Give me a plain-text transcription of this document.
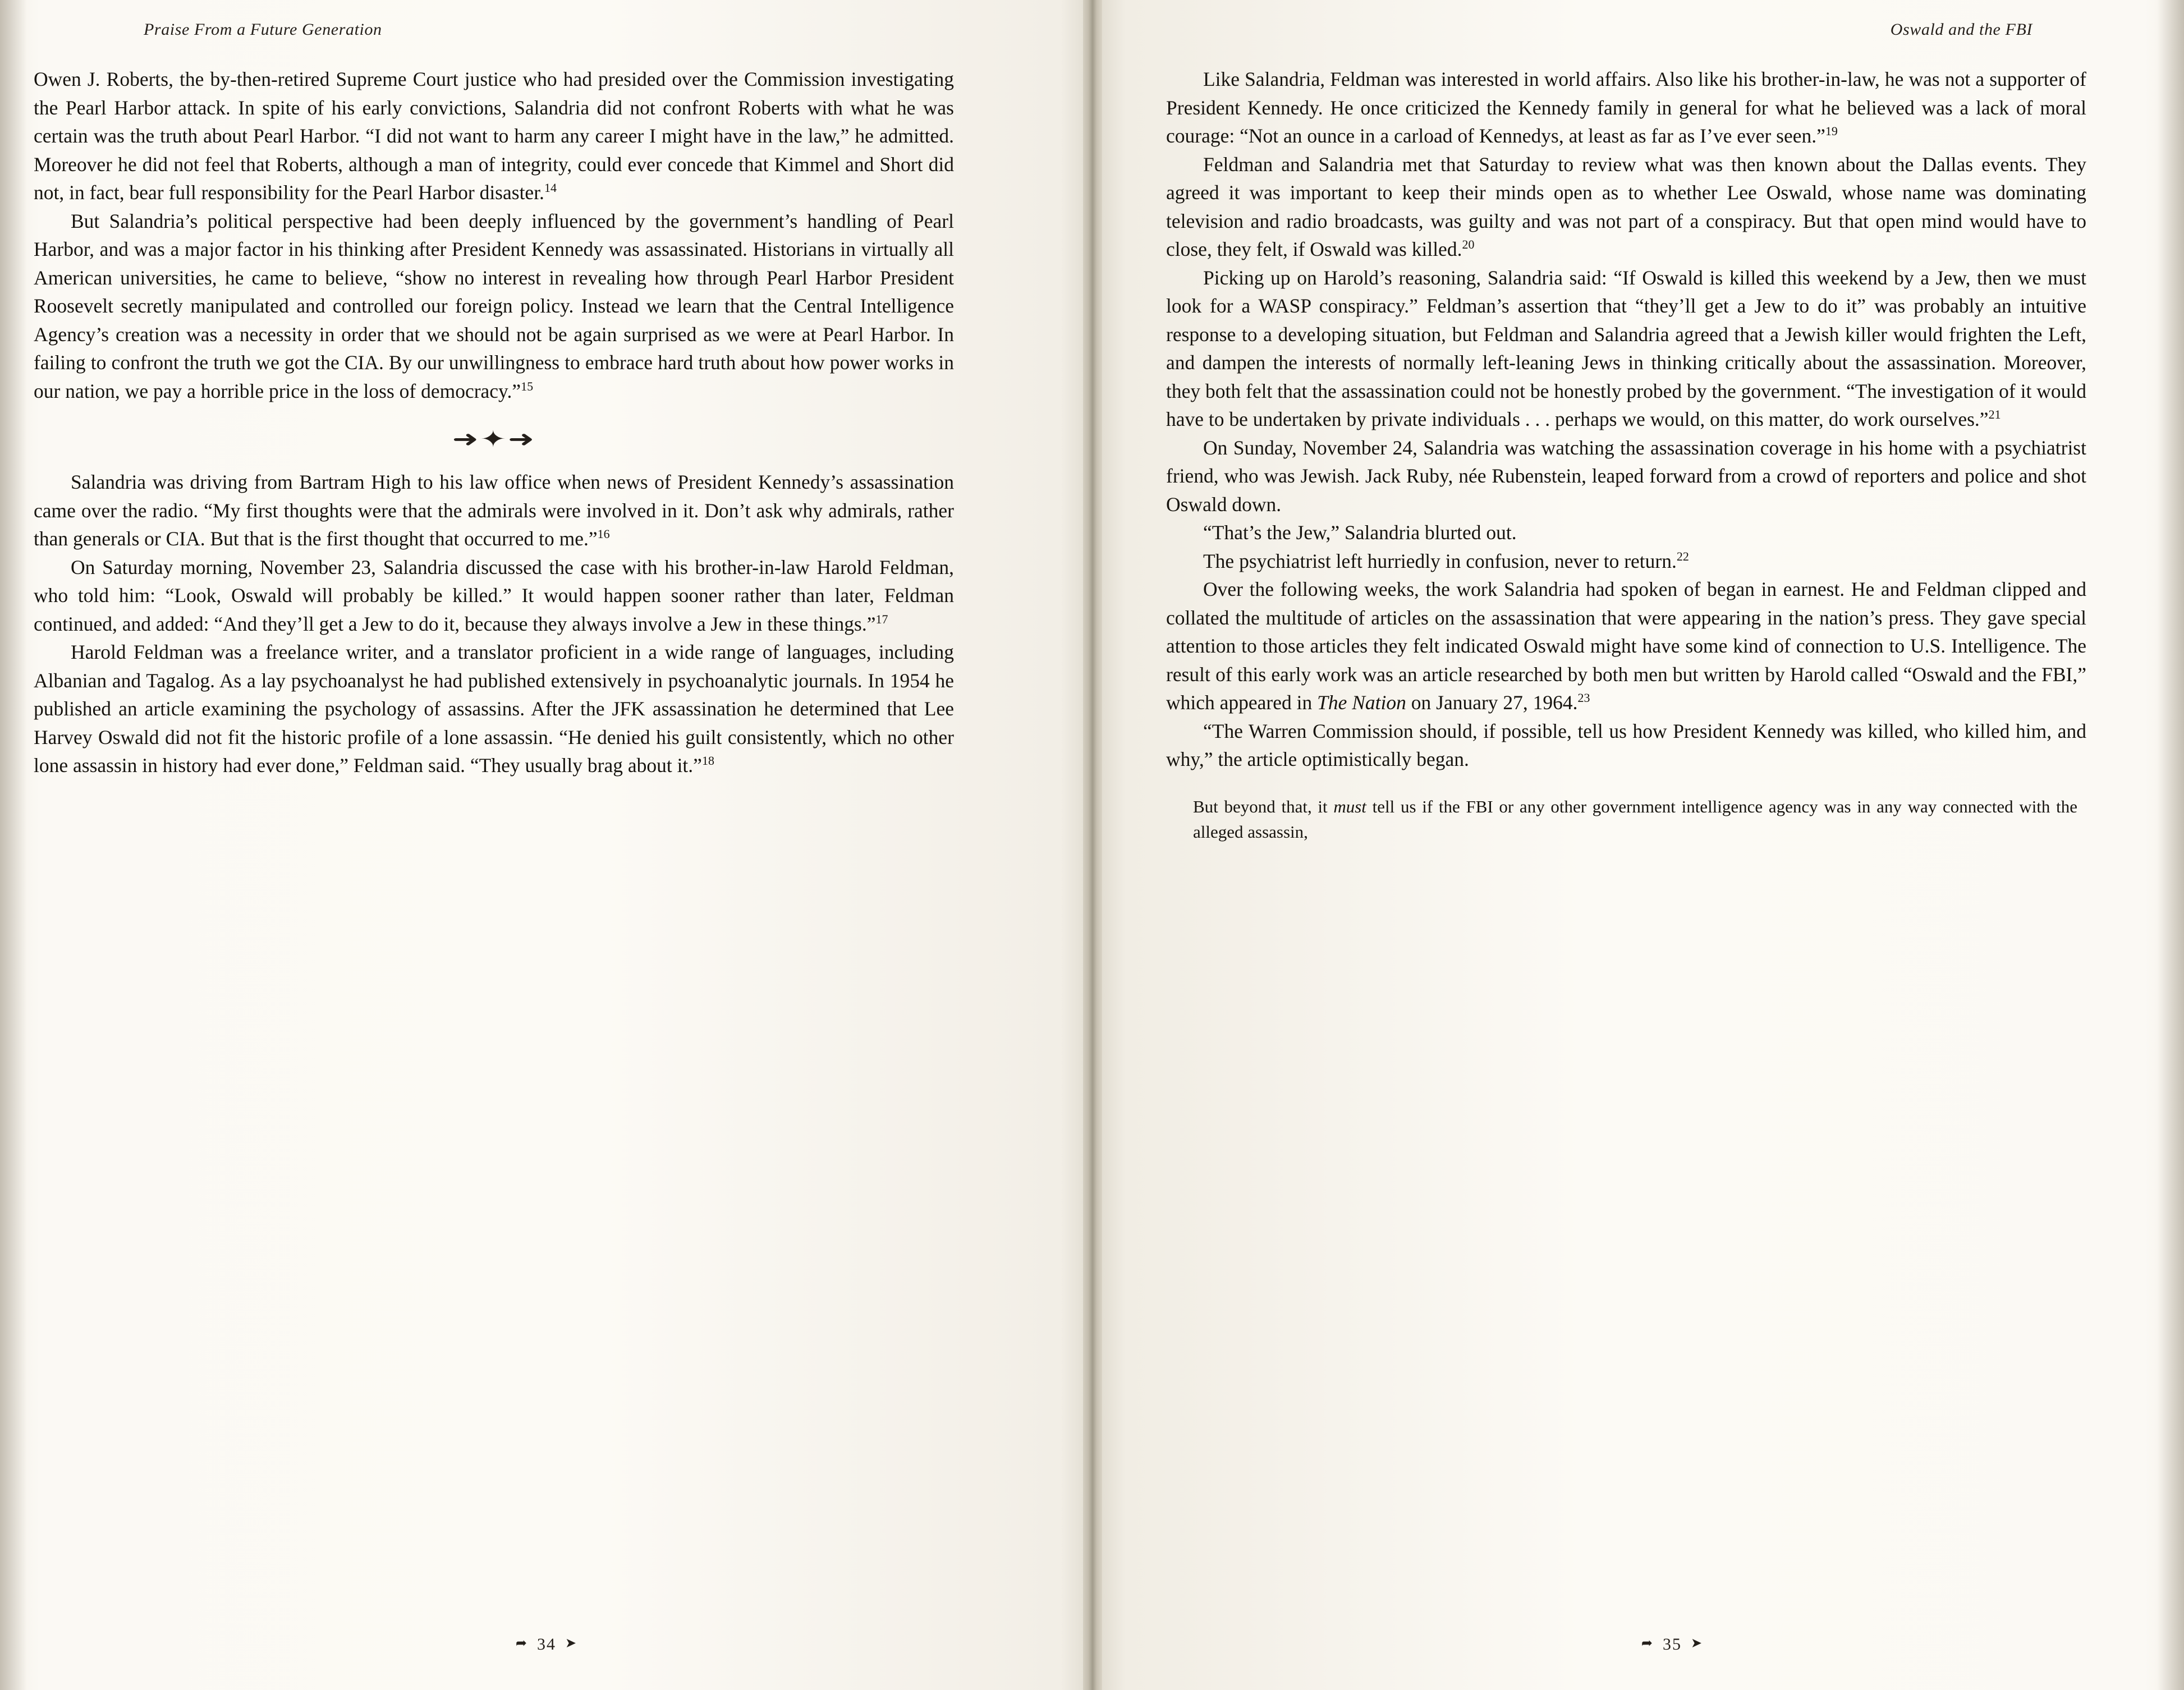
Praise From a Future Generation

Owen J. Roberts, the by-then-retired Supreme Court justice who had presided over the Commission investigating the Pearl Harbor attack. In spite of his early convictions, Salandria did not confront Roberts with what he was certain was the truth about Pearl Harbor. “I did not want to harm any career I might have in the law,” he admitted. Moreover he did not feel that Roberts, although a man of integrity, could ever concede that Kimmel and Short did not, in fact, bear full responsibility for the Pearl Harbor disaster.$^{14}$

But Salandria’s political perspective had been deeply influenced by the government’s handling of Pearl Harbor, and was a major factor in his thinking after President Kennedy was assassinated. Historians in virtually all American universities, he came to believe, “show no interest in revealing how through Pearl Harbor President Roosevelt secretly manipulated and controlled our foreign policy. Instead we learn that the Central Intelligence Agency’s creation was a necessity in order that we should not be again surprised as we were at Pearl Harbor. In failing to confront the truth we got the CIA. By our unwillingness to embrace hard truth about how power works in our nation, we pay a horrible price in the loss of democracy.”$^{15}$

➜✦➜

Salandria was driving from Bartram High to his law office when news of President Kennedy’s assassination came over the radio. “My first thoughts were that the admirals were involved in it. Don’t ask why admirals, rather than generals or CIA. But that is the first thought that occurred to me.”$^{16}$

On Saturday morning, November 23, Salandria discussed the case with his brother-in-law Harold Feldman, who told him: “Look, Oswald will probably be killed.” It would happen sooner rather than later, Feldman continued, and added: “And they’ll get a Jew to do it, because they always involve a Jew in these things.”$^{17}$

Harold Feldman was a freelance writer, and a translator proficient in a wide range of languages, including Albanian and Tagalog. As a lay psychoanalyst he had published extensively in psychoanalytic journals. In 1954 he published an article examining the psychology of assassins. After the JFK assassination he determined that Lee Harvey Oswald did not fit the historic profile of a lone assassin. “He denied his guilt consistently, which no other lone assassin in history had ever done,” Feldman said. “They usually brag about it.”$^{18}$

➦ 34 ➤
Oswald and the FBI

Like Salandria, Feldman was interested in world affairs. Also like his brother-in-law, he was not a supporter of President Kennedy. He once criticized the Kennedy family in general for what he believed was a lack of moral courage: “Not an ounce in a carload of Kennedys, at least as far as I’ve ever seen.”$^{19}$

Feldman and Salandria met that Saturday to review what was then known about the Dallas events. They agreed it was important to keep their minds open as to whether Lee Oswald, whose name was dominating television and radio broadcasts, was guilty and was not part of a conspiracy. But that open mind would have to close, they felt, if Oswald was killed.$^{20}$

Picking up on Harold’s reasoning, Salandria said: “If Oswald is killed this weekend by a Jew, then we must look for a WASP conspiracy.” Feldman’s assertion that “they’ll get a Jew to do it” was probably an intuitive response to a developing situation, but Feldman and Salandria agreed that a Jewish killer would frighten the Left, and dampen the interests of normally left-leaning Jews in thinking critically about the assassination. Moreover, they both felt that the assassination could not be honestly probed by the government. “The investigation of it would have to be undertaken by private individuals . . . perhaps we would, on this matter, do work ourselves.”$^{21}$

On Sunday, November 24, Salandria was watching the assassination coverage in his home with a psychiatrist friend, who was Jewish. Jack Ruby, née Rubenstein, leaped forward from a crowd of reporters and police and shot Oswald down.

“That’s the Jew,” Salandria blurted out.

The psychiatrist left hurriedly in confusion, never to return.$^{22}$

Over the following weeks, the work Salandria had spoken of began in earnest. He and Feldman clipped and collated the multitude of articles on the assassination that were appearing in the nation’s press. They gave special attention to those articles they felt indicated Oswald might have some kind of connection to U.S. Intelligence. The result of this early work was an article researched by both men but written by Harold called “Oswald and the FBI,” which appeared in The Nation on January 27, 1964.23

“The Warren Commission should, if possible, tell us how President Kennedy was killed, who killed him, and why,” the article optimistically began.

But beyond that, it must tell us if the FBI or any other government intelligence agency was in any way connected with the alleged assassin,
➦ 35 ➤
